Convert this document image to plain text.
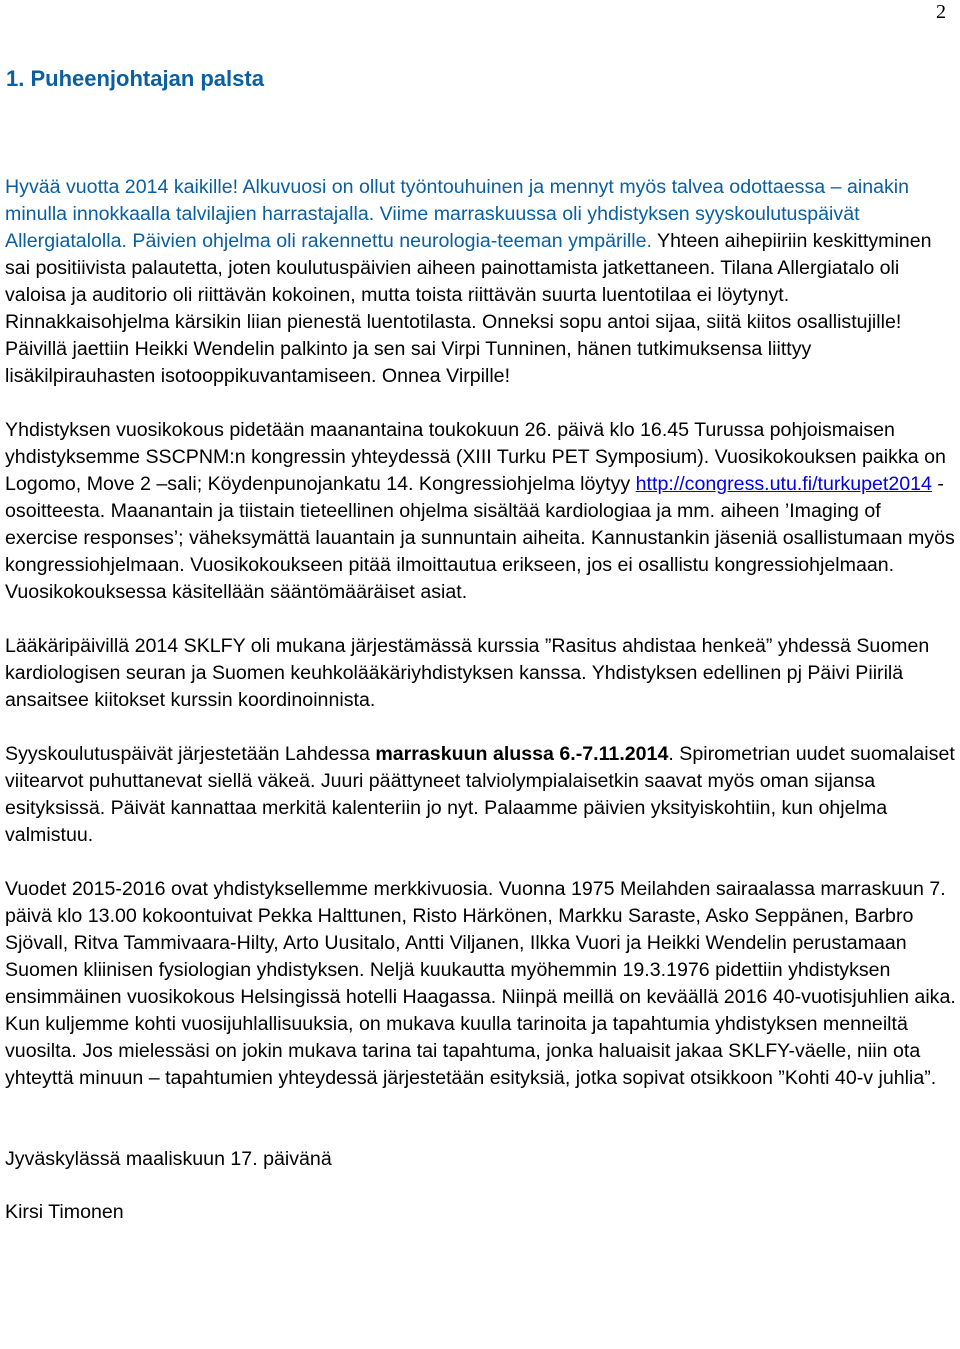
2
1. Puheenjohtajan palsta

Hyvää vuotta 2014 kaikille! Alkuvuosi on ollut työntouhuinen ja mennyt myös talvea odottaessa – ainakin minulla innokkaalla talvilajien harrastajalla. Viime marraskuussa oli yhdistyksen syyskoulutuspäivät Allergiatalolla. Päivien ohjelma oli rakennettu neurologia-teeman ympärille. Yhteen aihepiiriin keskittyminen sai positiivista palautetta, joten koulutuspäivien aiheen painottamista jatkettaneen. Tilana Allergiatalo oli valoisa ja auditorio oli riittävän kokoinen, mutta toista riittävän suurta luentotilaa ei löytynyt. Rinnakkaisohjelma kärsikin liian pienestä luentotilasta. Onneksi sopu antoi sijaa, siitä kiitos osallistujille! Päivillä jaettiin Heikki Wendelin palkinto ja sen sai Virpi Tunninen, hänen tutkimuksensa liittyy lisäkilpirauhasten isotooppikuvantamiseen. Onnea Virpille!

Yhdistyksen vuosikokous pidetään maanantaina toukokuun 26. päivä klo 16.45 Turussa pohjoismaisen yhdistyksemme SSCPNM:n kongressin yhteydessä (XIII Turku PET Symposium). Vuosikokouksen paikka on Logomo, Move 2 –sali; Köydenpunojankatu 14. Kongressiohjelma löytyy http://congress.utu.fi/turkupet2014 -osoitteesta. Maanantain ja tiistain tieteellinen ohjelma sisältää kardiologiaa ja mm. aiheen ’Imaging of exercise responses’; väheksymättä lauantain ja sunnuntain aiheita. Kannustankin jäseniä osallistumaan myös kongressiohjelmaan. Vuosikokoukseen pitää ilmoittautua erikseen, jos ei osallistu kongressiohjelmaan. Vuosikokouksessa käsitellään sääntömääräiset asiat.

Lääkäripäivillä 2014 SKLFY oli mukana järjestämässä kurssia ”Rasitus ahdistaa henkeä” yhdessä Suomen kardiologisen seuran ja Suomen keuhkolääkäriyhdistyksen kanssa. Yhdistyksen edellinen pj Päivi Piirilä ansaitsee kiitokset kurssin koordinoinnista.

Syyskoulutuspäivät järjestetään Lahdessa marraskuun alussa 6.-7.11.2014. Spirometrian uudet suomalaiset viitearvot puhuttanevat siellä väkeä. Juuri päättyneet talviolympialaisetkin saavat myös oman sijansa esityksissä. Päivät kannattaa merkitä kalenteriin jo nyt. Palaamme päivien yksityiskohtiin, kun ohjelma valmistuu.

Vuodet 2015-2016 ovat yhdistyksellemme merkkivuosia. Vuonna 1975 Meilahden sairaalassa marraskuun 7. päivä klo 13.00 kokoontuivat Pekka Halttunen, Risto Härkönen, Markku Saraste, Asko Seppänen, Barbro Sjövall, Ritva Tammivaara-Hilty, Arto Uusitalo, Antti Viljanen, Ilkka Vuori ja Heikki Wendelin perustamaan Suomen kliinisen fysiologian yhdistyksen. Neljä kuukautta myöhemmin 19.3.1976 pidettiin yhdistyksen ensimmäinen vuosikokous Helsingissä hotelli Haagassa. Niinpä meillä on keväällä 2016 40-vuotisjuhlien aika. Kun kuljemme kohti vuosijuhlallisuuksia, on mukava kuulla tarinoita ja tapahtumia yhdistyksen menneiltä vuosilta. Jos mielessäsi on jokin mukava tarina tai tapahtuma, jonka haluaisit jakaa SKLFY-väelle, niin ota yhteyttä minuun – tapahtumien yhteydessä järjestetään esityksiä, jotka sopivat otsikkoon ”Kohti 40-v juhlia”.

Jyväskylässä maaliskuun 17. päivänä

Kirsi Timonen
